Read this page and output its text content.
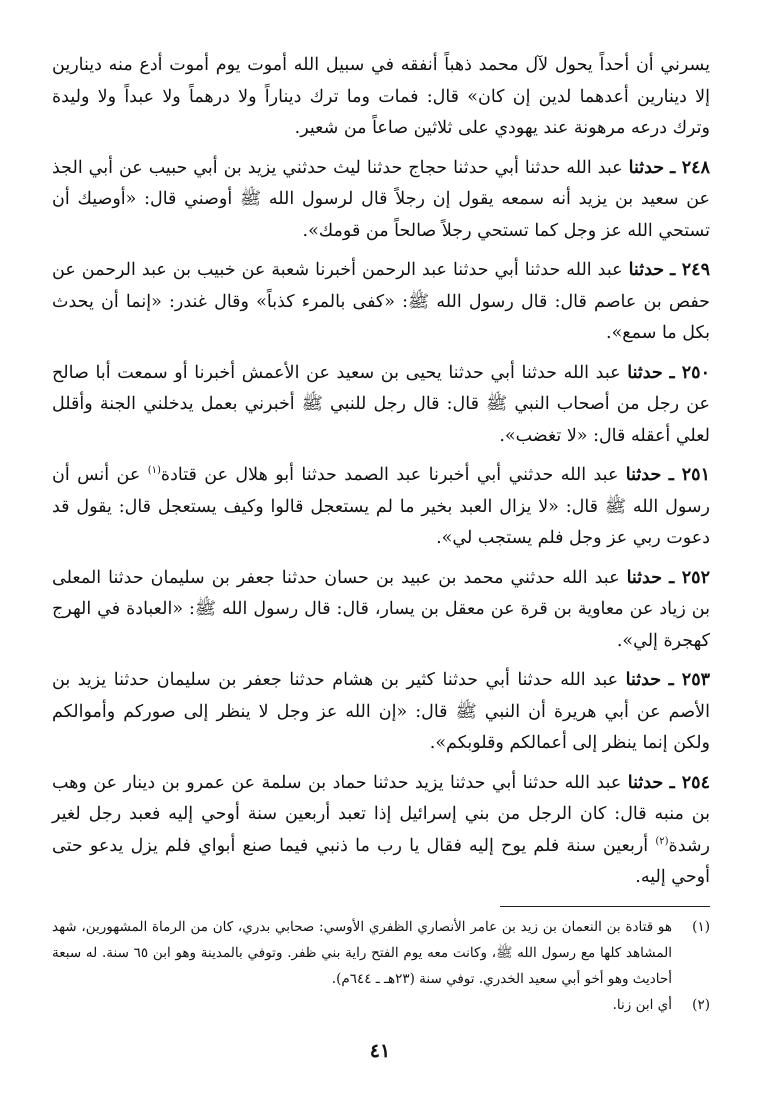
يسرني أن أحداً يحول لآل محمد ذهباً أنفقه في سبيل الله أموت يوم أموت أدع منه دينارين إلا دينارين أعدهما لدين إن كان» قال: فمات وما ترك ديناراً ولا درهماً ولا عبداً ولا وليدة وترك درعه مرهونة عند يهودي على ثلاثين صاعاً من شعير.

٢٤٨ ـ حدثنا عبد الله حدثنا أبي حدثنا حجاج حدثنا ليث حدثني يزيد بن أبي حبيب عن أبي الجذ عن سعيد بن يزيد أنه سمعه يقول إن رجلاً قال لرسول الله ﷺ أوصني قال: «أوصيك أن تستحي الله عز وجل كما تستحي رجلاً صالحاً من قومك».

٢٤٩ ـ حدثنا عبد الله حدثنا أبي حدثنا عبد الرحمن أخبرنا شعبة عن خبيب بن عبد الرحمن عن حفص بن عاصم قال: قال رسول الله ﷺ: «كفى بالمرء كذباً» وقال غندر: «إنما أن يحدث بكل ما سمع».

٢٥٠ ـ حدثنا عبد الله حدثنا أبي حدثنا يحيى بن سعيد عن الأعمش أخبرنا أو سمعت أبا صالح عن رجل من أصحاب النبي ﷺ قال: قال رجل للنبي ﷺ أخبرني بعمل يدخلني الجنة وأقلل لعلي أعقله قال: «لا تغضب».

٢٥١ ـ حدثنا عبد الله حدثني أبي أخبرنا عبد الصمد حدثنا أبو هلال عن قتادة$^{(١)}$ عن أنس أن رسول الله ﷺ قال: «لا يزال العبد بخير ما لم يستعجل قالوا وكيف يستعجل قال: يقول قد دعوت ربي عز وجل فلم يستجب لي».

٢٥٢ ـ حدثنا عبد الله حدثني محمد بن عبيد بن حسان حدثنا جعفر بن سليمان حدثنا المعلى بن زياد عن معاوية بن قرة عن معقل بن يسار، قال: قال رسول الله ﷺ: «العبادة في الهرج كهجرة إلي».

٢٥٣ ـ حدثنا عبد الله حدثنا أبي حدثنا كثير بن هشام حدثنا جعفر بن سليمان حدثنا يزيد بن الأصم عن أبي هريرة أن النبي ﷺ قال: «إن الله عز وجل لا ينظر إلى صوركم وأموالكم ولكن إنما ينظر إلى أعمالكم وقلوبكم».

٢٥٤ ـ حدثنا عبد الله حدثنا أبي حدثنا يزيد حدثنا حماد بن سلمة عن عمرو بن دينار عن وهب بن منبه قال: كان الرجل من بني إسرائيل إذا تعبد أربعين سنة أوحي إليه فعبد رجل لغير رشدة$^{(٢)}$ أربعين سنة فلم يوح إليه فقال يا رب ما ذنبي فيما صنع أبواي فلم يزل يدعو حتى أوحي إليه.

(١)
هو قتادة بن النعمان بن زيد بن عامر الأنصاري الظفري الأوسي: صحابي بدري، كان من الرماة المشهورين، شهد المشاهد كلها مع رسول الله ﷺ، وكانت معه يوم الفتح راية بني ظفر. وتوفي بالمدينة وهو ابن ٦٥ سنة. له سبعة أحاديث وهو أخو أبي سعيد الخدري. توفي سنة (٢٣هـ ـ ٦٤٤م).
(٢)
أي ابن زنا.
٤١
